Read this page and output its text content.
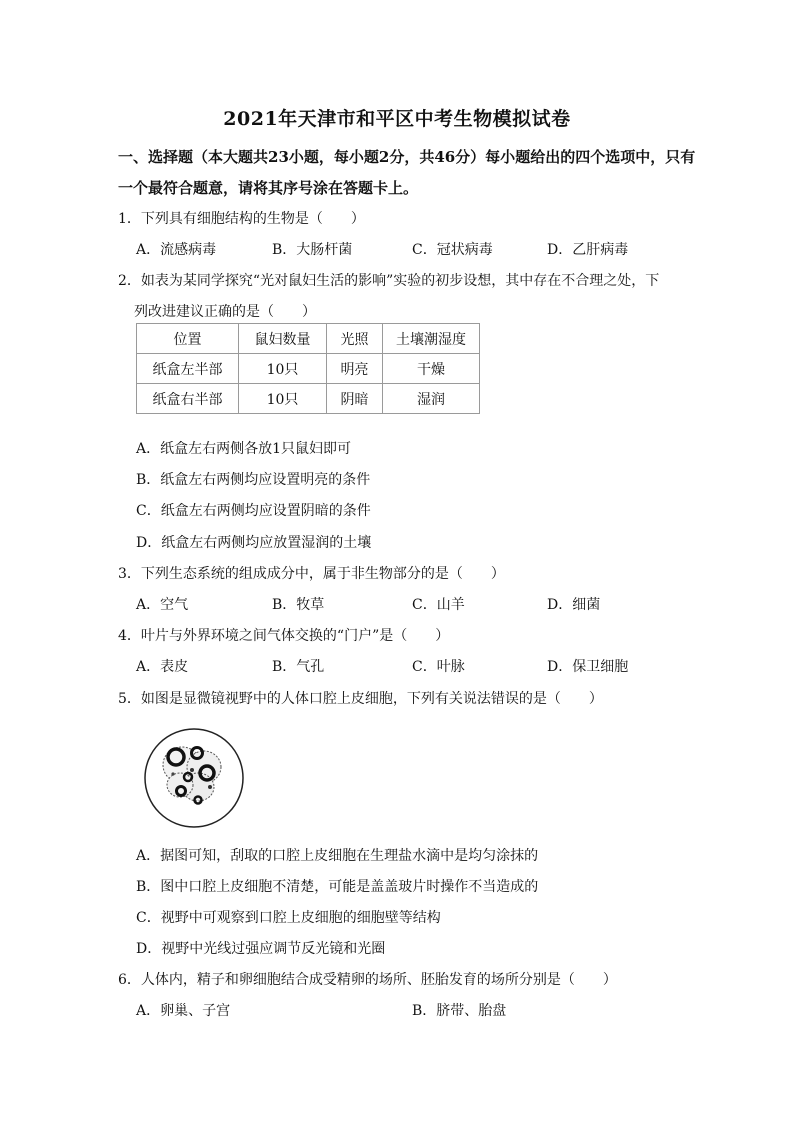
2021年天津市和平区中考生物模拟试卷
一、选择题（本大题共23小题，每小题2分，共46分）每小题给出的四个选项中，只有
一个最符合题意，请将其序号涂在答题卡上。
1．下列具有细胞结构的生物是（　　）
A．流感病毒	B．大肠杆菌	C．冠状病毒	D．乙肝病毒
2．如表为某同学探究“光对鼠妇生活的影响”实验的初步设想，其中存在不合理之处，下
列改进建议正确的是（　　）
位置	鼠妇数量	光照	土壤潮湿度
纸盒左半部	10只	明亮	干燥
纸盒右半部	10只	阴暗	湿润
A．纸盒左右两侧各放1只鼠妇即可
B．纸盒左右两侧均应设置明亮的条件
C．纸盒左右两侧均应设置阴暗的条件
D．纸盒左右两侧均应放置湿润的土壤
3．下列生态系统的组成成分中，属于非生物部分的是（　　）
A．空气	B．牧草	C．山羊	D．细菌
4．叶片与外界环境之间气体交换的“门户”是（　　）
A．表皮	B．气孔	C．叶脉	D．保卫细胞
5．如图是显微镜视野中的人体口腔上皮细胞，下列有关说法错误的是（　　）
A．据图可知，刮取的口腔上皮细胞在生理盐水滴中是均匀涂抹的
B．图中口腔上皮细胞不清楚，可能是盖盖玻片时操作不当造成的
C．视野中可观察到口腔上皮细胞的细胞壁等结构
D．视野中光线过强应调节反光镜和光圈
6．人体内，精子和卵细胞结合成受精卵的场所、胚胎发育的场所分别是（　　）
A．卵巢、子宫	B．脐带、胎盘
